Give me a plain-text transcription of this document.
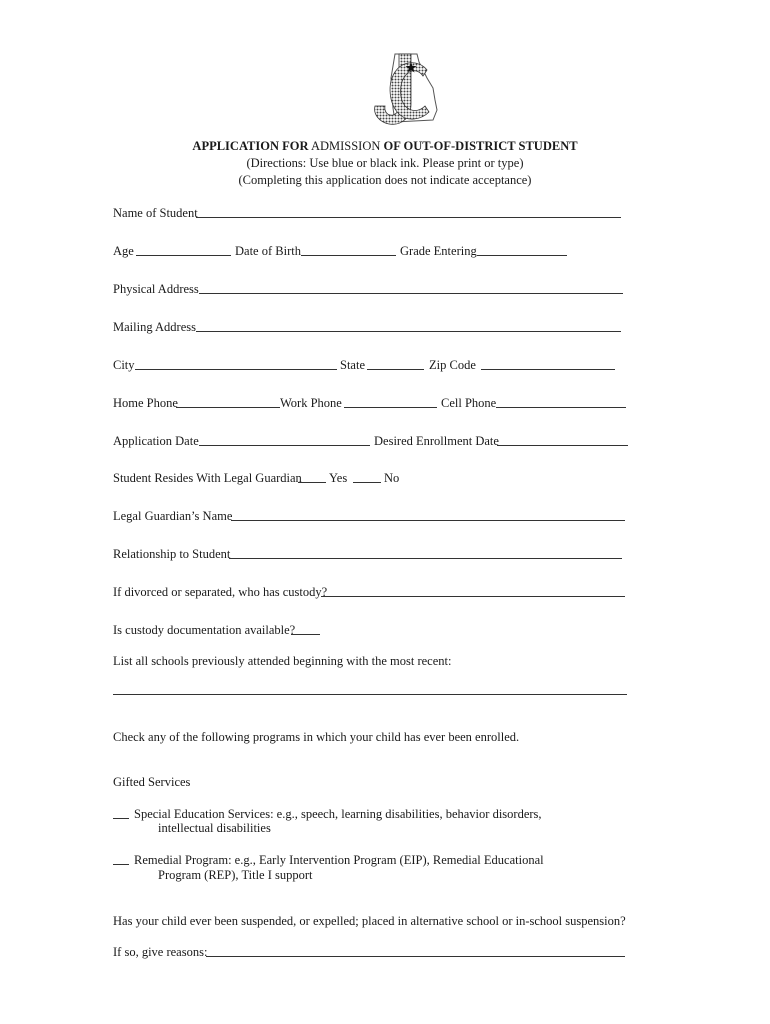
APPLICATION FOR ADMISSION OF OUT-OF-DISTRICT STUDENT
(Directions: Use blue or black ink. Please print or type)
(Completing this application does not indicate acceptance)
Name of Student
Age	Date of Birth	Grade Entering
Physical Address
Mailing Address
City	State	Zip Code
Home Phone	Work Phone	Cell Phone
Application Date	Desired Enrollment Date
Student Resides With Legal Guardian Yes	No
Legal Guardian’s Name
Relationship to Student
If divorced or separated, who has custody?
Is custody documentation available?
List all schools previously attended beginning with the most recent:
Check any of the following programs in which your child has ever been enrolled.
Gifted Services
Special Education Services: e.g., speech, learning disabilities, behavior disorders,
intellectual disabilities
Remedial Program: e.g., Early Intervention Program (EIP), Remedial Educational
Program (REP), Title I support
Has your child ever been suspended, or expelled; placed in alternative school or in-school suspension?
If so, give reasons:
